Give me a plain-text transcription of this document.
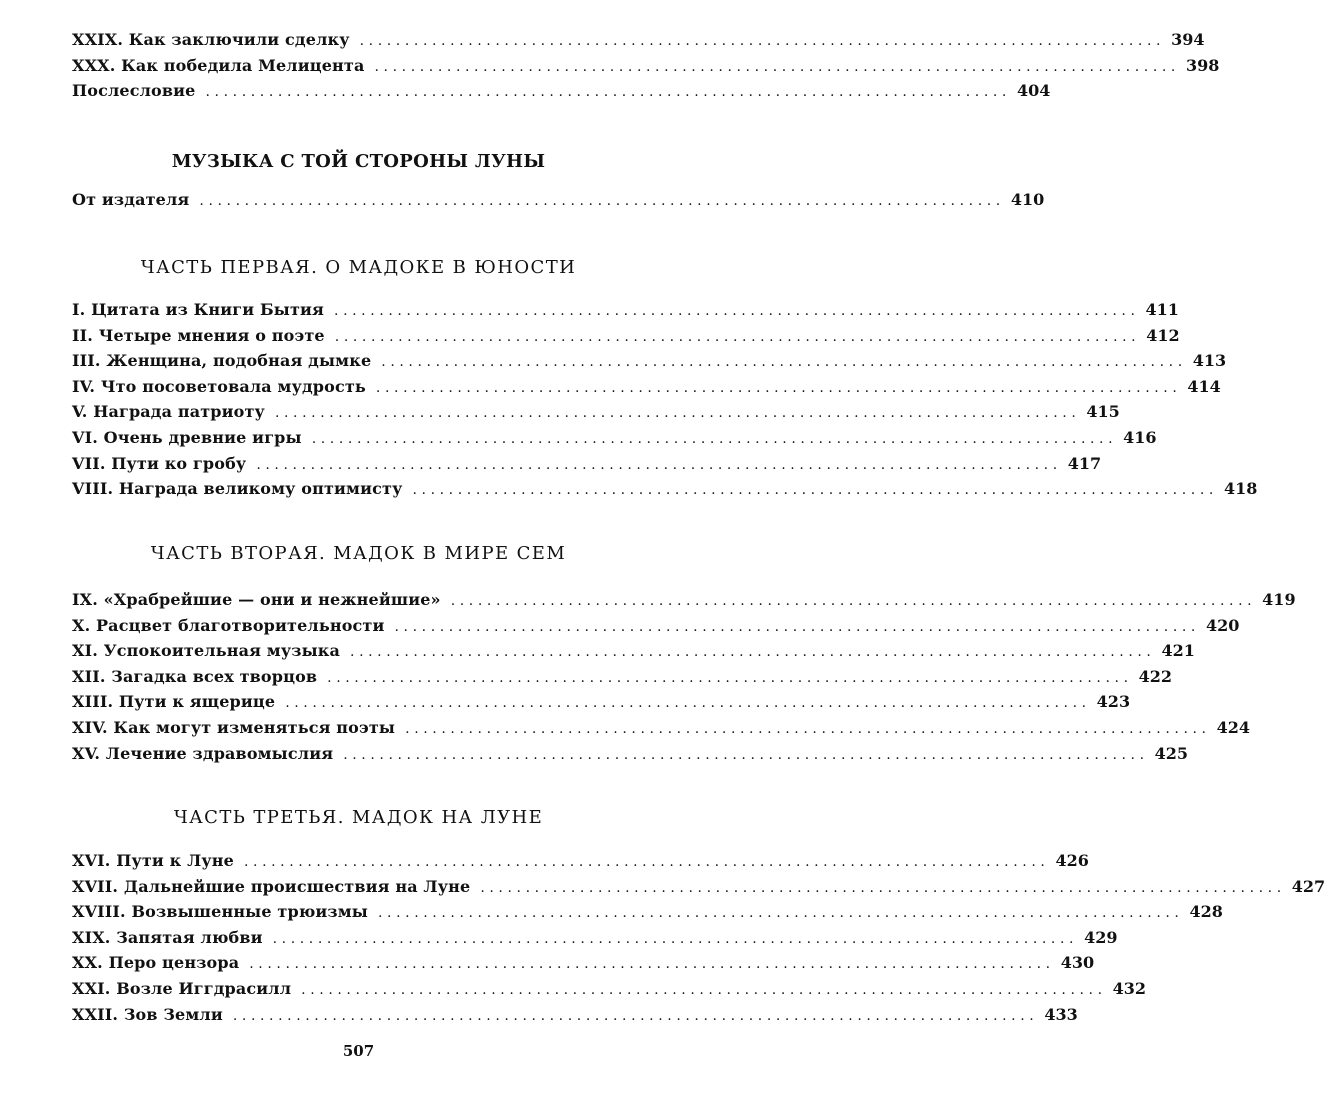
XXIX. Как заключили сделку ......................................................................................... 394
XXX. Как победила Мелицента ......................................................................................... 398
Послесловие ......................................................................................... 404
МУЗЫКА С ТОЙ СТОРОНЫ ЛУНЫ
От издателя ......................................................................................... 410
ЧАСТЬ ПЕРВАЯ. О МАДОКЕ В ЮНОСТИ
I. Цитата из Книги Бытия ......................................................................................... 411
II. Четыре мнения о поэте ......................................................................................... 412
III. Женщина, подобная дымке ......................................................................................... 413
IV. Что посоветовала мудрость ......................................................................................... 414
V. Награда патриоту ......................................................................................... 415
VI. Очень древние игры ......................................................................................... 416
VII. Пути ко гробу ......................................................................................... 417
VIII. Награда великому оптимисту ......................................................................................... 418
ЧАСТЬ ВТОРАЯ. МАДОК В МИРЕ СЕМ
IX. «Храбрейшие — они и нежнейшие» ......................................................................................... 419
X. Расцвет благотворительности ......................................................................................... 420
XI. Успокоительная музыка ......................................................................................... 421
XII. Загадка всех творцов ......................................................................................... 422
XIII. Пути к ящерице ......................................................................................... 423
XIV. Как могут изменяться поэты ......................................................................................... 424
XV. Лечение здравомыслия ......................................................................................... 425
ЧАСТЬ ТРЕТЬЯ. МАДОК НА ЛУНЕ
XVI. Пути к Луне ......................................................................................... 426
XVII. Дальнейшие происшествия на Луне ......................................................................................... 427
XVIII. Возвышенные трюизмы ......................................................................................... 428
XIX. Запятая любви ......................................................................................... 429
XX. Перо цензора ......................................................................................... 430
XXI. Возле Иггдрасилл ......................................................................................... 432
XXII. Зов Земли ......................................................................................... 433
507
